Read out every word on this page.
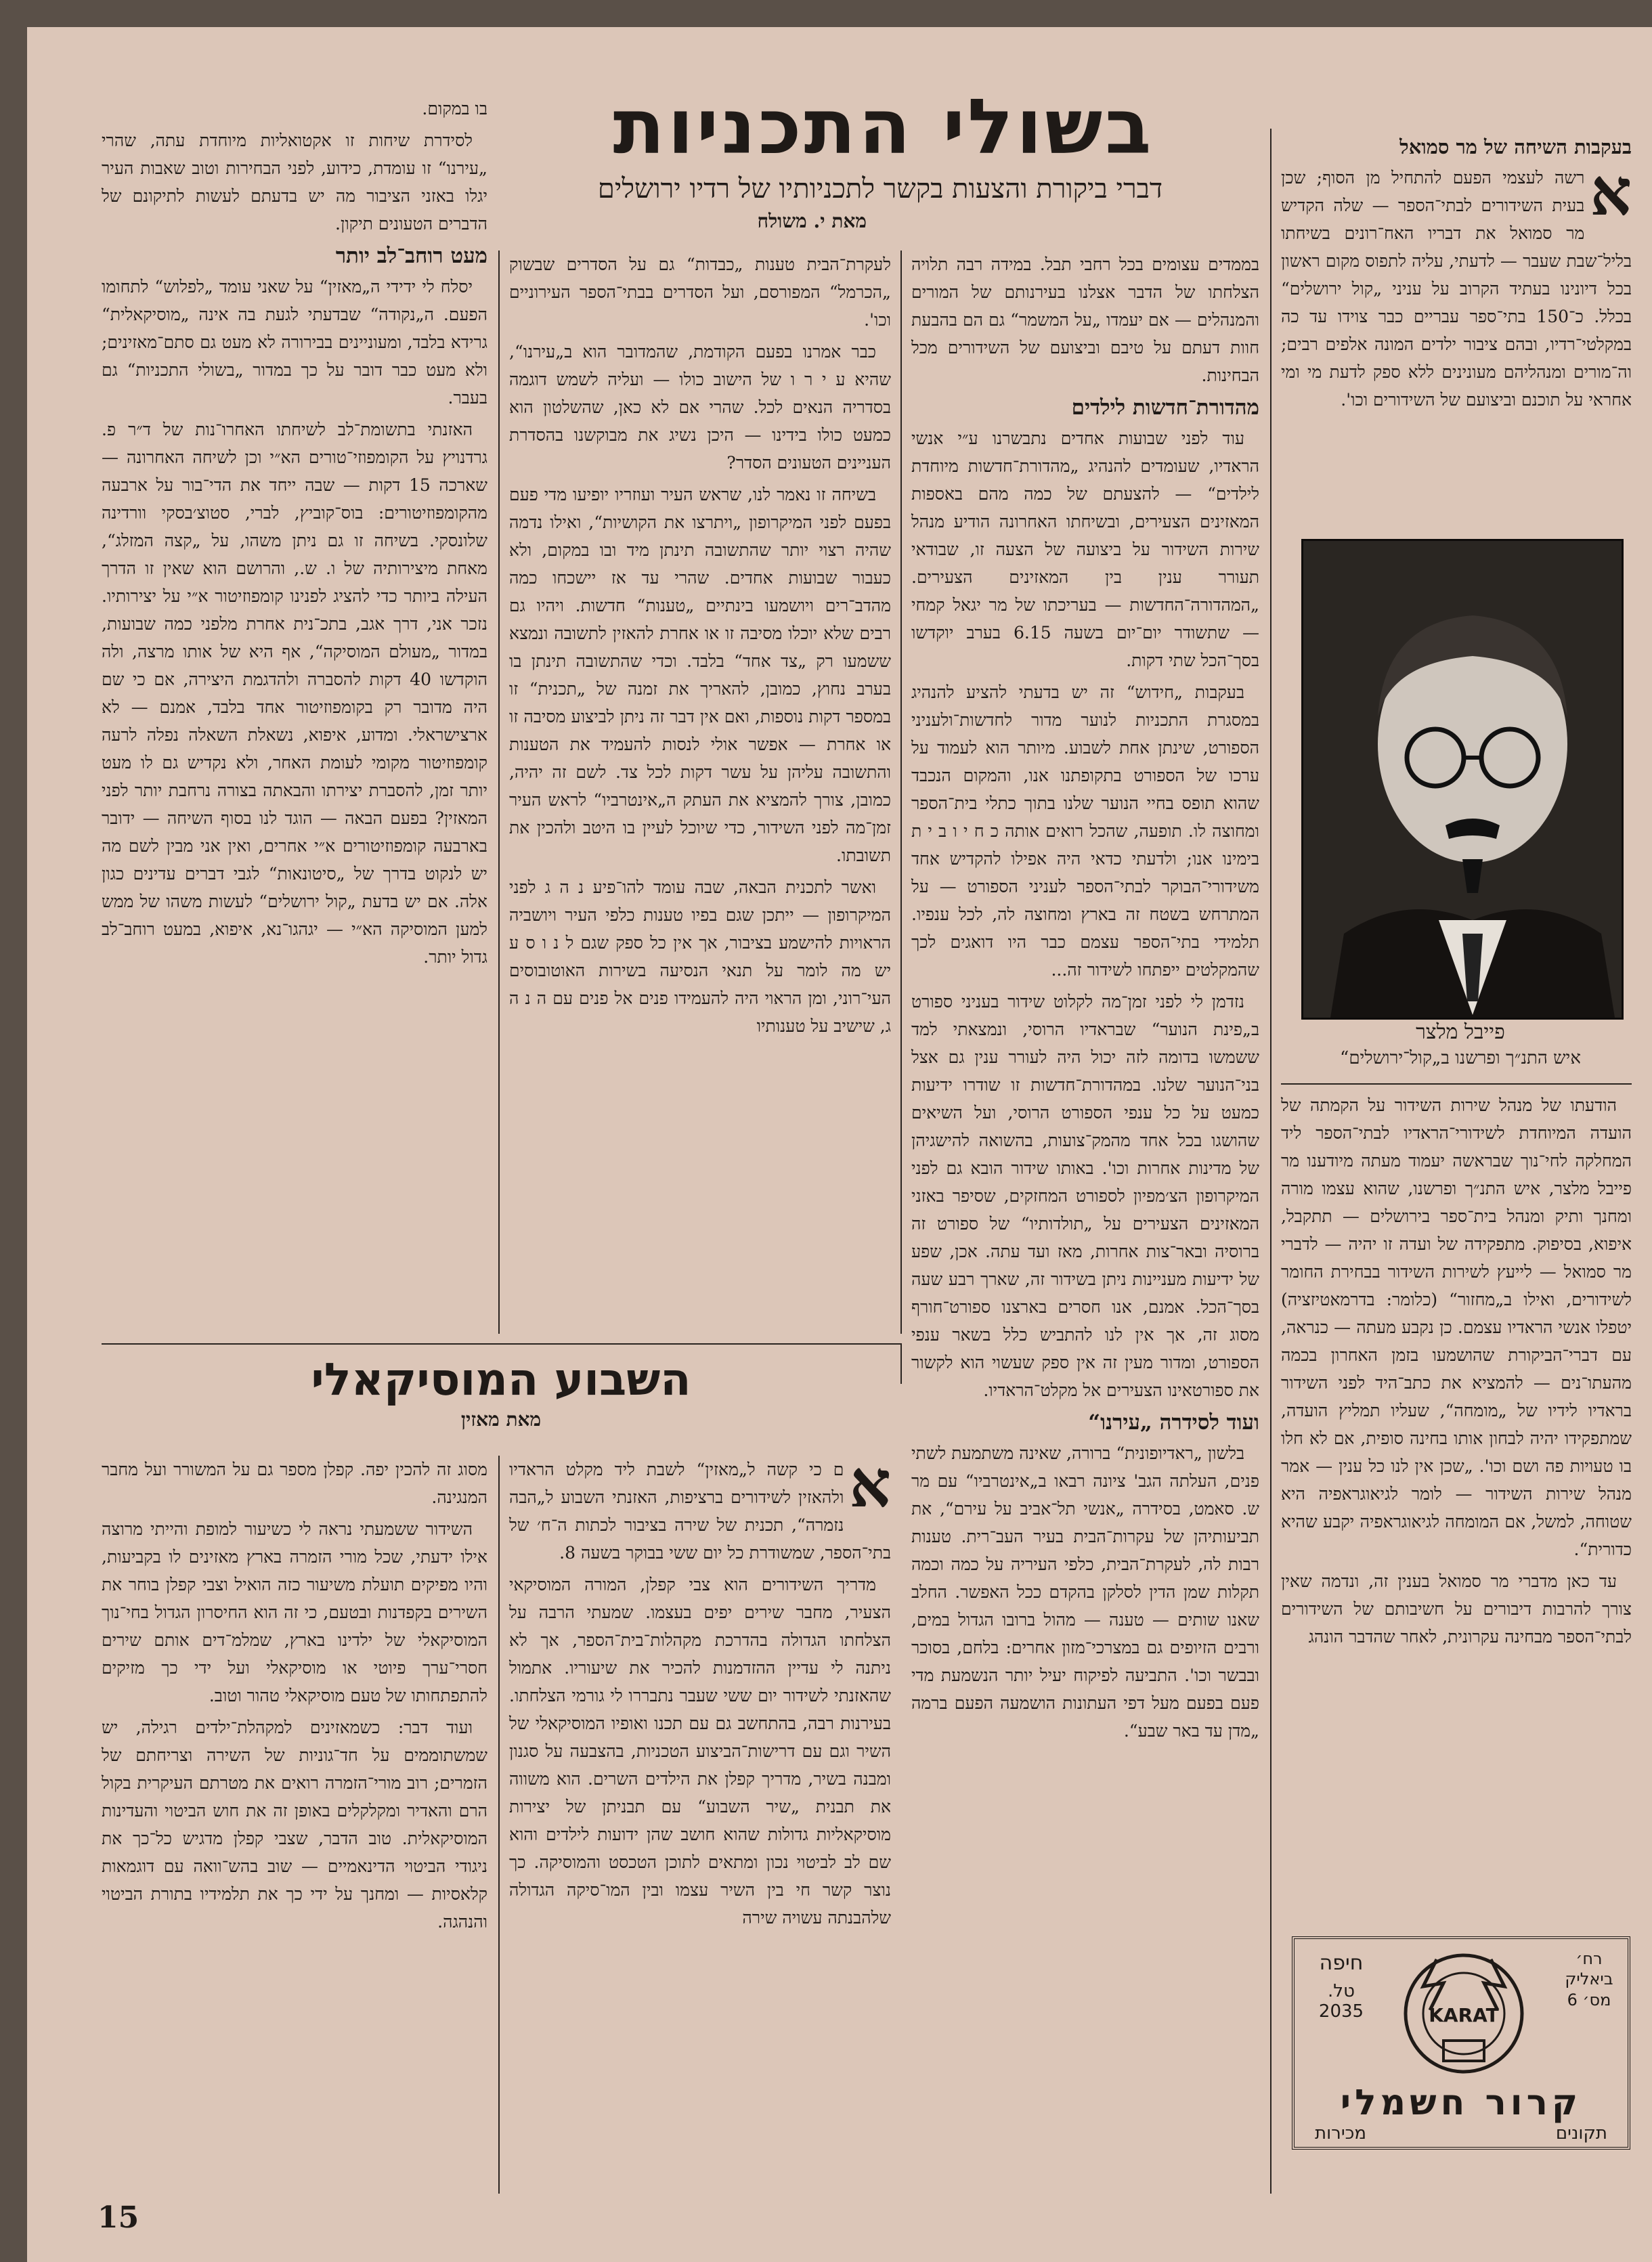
בשולי התכניות
דברי ביקורת והצעות בקשר לתכניותיו של רדיו ירושלים
מאת י. משולח
בעקבות השיחה של מר סמואל
א

רשה לעצמי הפעם להתחיל מן הסוף; שכן בעית השידורים לבתי־הספר — שלה הקדיש מר סמואל את דבריו האח־רונים בשיחתו בליל־שבת שעבר — לדעתי, עליה לתפוס מקום ראשון בכל דיונינו בעתיד הקרוב על עניני „קול ירושלים“ בכלל. כ־150 בתי־ספר עבריים כבר צוידו עד כה במקלטי־רדיו, ובהם ציבור ילדים המונה אלפים רבים; וה־מורים ומנהליהם מעונינים ללא ספק לדעת מי ומי אחראי על תוכנם וביצועם של השידורים וכו'.

פייבל מלצר
איש התנ״ך ופרשנו ב„קול־ירושלים“

הודעתו של מנהל שירות השידור על הקמתה של הועדה המיוחדת לשידורי־הראדיו לבתי־הספר ליד המחלקה לחי־נוך שבראשה יעמוד מעתה מיודענו מר פייבל מלצר, איש התנ״ך ופרשנו, שהוא עצמו מורה ומחנך ותיק ומנהל בית־ספר בירושלים — תתקבל, איפוא, בסיפוק. מתפקידה של ועדה זו יהיה — לדברי מר סמואל — לייעץ לשירות השידור בבחירת החומר לשידורים, ואילו ב„מחזור“ (כלומר: בדרמאטיזציה) יטפלו אנשי הראדיו עצמם. כן נקבע מעתה — כנראה, עם דברי־הביקורת שהושמעו בזמן האחרון בכמה מהעתו־נים — להמציא את כתב־היד לפני השידור בראדיו לידיו של „מומחה“, שעליו תמליץ הועדה, שמתפקידו יהיה לבחון אותו בחינה סופית, אם לא חלו בו טעויות פה ושם וכו'. „שכן אין לנו כל ענין — אמר מנהל שירות השידור — לומר לגיאוגראפיה היא שטוחה, למשל, אם המומחה לגיאוגראפיה יקבע שהיא כדורית“.

עד כאן מדברי מר סמואל בענין זה, ונדמה שאין צורך להרבות דיבורים על חשיבותם של השידורים לבתי־הספר מבחינה עקרונית, לאחר שהדבר הונהג

רח׳ ביאליק
מס׳ 6
חיפה
טל. 2035	KARAT
קרור חשמלי
תקונים
מכירות

בממדים עצומים בכל רחבי תבל. במידה רבה תלויה הצלחתו של הדבר אצלנו בעירנותם של המורים והמנהלים — אם יעמדו „על המשמר“ גם הם בהבעת חוות דעתם על טיבם וביצועם של השידורים מכל הבחינות.

מהדורת־חדשות לילדים

עוד לפני שבועות אחדים נתבשרנו ע״י אנשי הראדיו, שעומדים להנהיג „מהדורת־חדשות מיוחדת לילדים“ — להצעתם של כמה מהם באספות המאזינים הצעירים, ובשיחתו האחרונה הודיע מנהל שירות השידור על ביצועה של הצעה זו, שבודאי תעורר ענין בין המאזינים הצעירים. „המהדורה־החדשות — בעריכתו של מר יגאל קמחי — שתשודר יום־יום בשעה 6.15 בערב יוקדשו בסך־הכל שתי דקות.

בעקבות „חידוש“ זה יש בדעתי להציע להנהיג במסגרת התכניות לנוער מדור לחדשות־ולעניני הספורט, שינתן אחת לשבוע. מיותר הוא לעמוד על ערכו של הספורט בתקופתנו אנו, והמקום הנכבד שהוא תופס בחיי הנוער שלנו בתוך כתלי בית־הספר ומחוצה לו. תופעה, שהכל רואים אותה כ ח י ו ב י ת בימינו אנו; ולדעתי כדאי היה אפילו להקדיש אחד משידורי־הבוקר לבתי־הספר לעניני הספורט — על המתרחש בשטח זה בארץ ומחוצה לה, לכל ענפיו. תלמידי בתי־הספר עצמם כבר היו דואגים לכך שהמקלטים ייפתחו לשידור זה...

נזדמן לי לפני זמן־מה לקלוט שידור בעניני ספורט ב„פינת הנוער“ שבראדיו הרוסי, ונמצאתי למד ששמשו בדומה לזה יכול היה לעורר ענין גם אצל בני־הנוער שלנו. במהדורת־חדשות זו שודרו ידיעות כמעט על כל ענפי הספורט הרוסי, ועל השיאים שהושגו בכל אחד מהמק־צועות, בהשואה להישגיהן של מדינות אחרות וכו'. באותו שידור הובא גם לפני המיקרופון הצ׳מפיון לספורט המחזקים, שסיפר באזני המאזינים הצעירים על „תולדותיו“ של ספורט זה ברוסיה ובאר־צות אחרות, מאז ועד עתה. אכן, שפע של ידיעות מעניינות ניתן בשידור זה, שארך רבע שעה בסך־הכל. אמנם, אנו חסרים בארצנו ספורט־חורף מסוג זה, אך אין לנו להתביש כלל בשאר ענפי הספורט, ומדור מעין זה אין ספק שעשוי הוא לקשור את ספורטאינו הצעירים אל מקלט־הראדיו.

ועוד לסידרה „עירנו“

בלשון „ראדיופונית“ ברורה, שאינה משתמעת לשתי פנים, העלתה הגב' ציונה רבאו ב„אינטרביו“ עם מר ש. סאמט, בסידרה „אנשי תל־אביב על עירם“, את תביעותיהן של עקרות־הבית בעיר העב־רית. טענות רבות לה, לעקרת־הבית, כלפי העיריה על כמה וכמה תקלות שמן הדין לסלקן בהקדם ככל האפשר. החלב שאנו שותים — טענה — מהול ברובו הגדול במים, ורבים הזיופים גם במצרכי־מזון אחרים: בלחם, בסוכר ובבשר וכו'. התביעה לפיקוח יעיל יותר הנשמעת מדי פעם בפעם מעל דפי העתונות הושמעה הפעם ברמה „מדן עד באר שבע“.

לעקרת־הבית טענות „כבדות“ גם על הסדרים שבשוק „הכרמל“ המפורסם, ועל הסדרים בבתי־הספר העירוניים וכו'.

כבר אמרנו בפעם הקודמת, שהמדובר הוא ב„עירנו“, שהיא ע י ר ו של הישוב כולו — ועליה לשמש דוגמה בסדריה הנאים לכל. שהרי אם לא כאן, שהשלטון הוא כמעט כולו בידינו — היכן נשיג את מבוקשנו בהסדרת העניינים הטעונים הסדר?

בשיחה זו נאמר לנו, שראש העיר ועוזריו יופיעו מדי פעם בפעם לפני המיקרופון „ויתרצו את הקושיות“, ואילו נדמה שהיה רצוי יותר שהתשובה תינתן מיד ובו במקום, ולא כעבור שבועות אחדים. שהרי עד אז יישכחו כמה מהדב־רים ויושמעו בינתיים „טענות“ חדשות. ויהיו גם רבים שלא יוכלו מסיבה זו או אחרת להאזין לתשובה ונמצא ששמעו רק „צד אחד“ בלבד. וכדי שהתשובה תינתן בו בערב נחוץ, כמובן, להאריך את זמנה של „תכנית“ זו במספר דקות נוספות, ואם אין דבר זה ניתן לביצוע מסיבה זו או אחרת — אפשר אולי לנסות להעמיד את הטענות והתשובה עליהן על עשר דקות לכל צד. לשם זה יהיה, כמובן, צורך להמציא את העתק ה„אינטרביו“ לראש העיר זמן־מה לפני השידור, כדי שיוכל לעיין בו היטב ולהכין את תשובתו.

ואשר לתכנית הבאה, שבה עומד להו־פיע נ ה ג לפני המיקרופון — ייתכן שגם בפיו טענות כלפי העיר ויושביה הראויות להישמע בציבור, אך אין כל ספק שגם ל נ ו ס ע יש מה לומר על תנאי הנסיעה בשירות האוטובוסים העי־רוני, ומן הראוי היה להעמידו פנים אל פנים עם ה נ ה ג, שישיב על טענותיו

בו במקום.

לסידרת שיחות זו אקטואליות מיוחדת עתה, שהרי „עירנו“ זו עומדת, כידוע, לפני הבחירות וטוב שאבות העיר יגלו באזני הציבור מה יש בדעתם לעשות לתיקונם של הדברים הטעונים תיקון.

מעט רוחב־לב יותר

יסלח לי ידידי ה„מאזין“ על שאני עומד „לפלוש“ לתחומו הפעם. ה„נקודה“ שבדעתי לגעת בה אינה „מוסיקאלית“ גרידא בלבד, ומעוניינים בבירורה לא מעט גם סתם־מאזינים; ולא מעט כבר דובר על כך במדור „בשולי התכניות“ גם בעבר.

האזנתי בתשומת־לב לשיחתו האחרו־נות של ד״ר פ. גרדנויץ על הקומפוזי־טורים הא״י וכן לשיחה האחרונה — שארכה 15 דקות — שבה ייחד את הדי־בור על ארבעה מהקומפוזיטורים: בוס־קוביץ, לברי, סטוצ׳בסקי וורדינה שלונסקי. בשיחה זו גם ניתן משהו, על „קצה המזלג“, מאחת מיצירותיה של ו. ש., והרושם הוא שאין זו הדרך העילה ביותר כדי להציג לפנינו קומפוזיטור א״י על יצירותיו. נזכר אני, דרך אגב, בתכ־נית אחרת מלפני כמה שבועות, במדור „מעולם המוסיקה“, אף היא של אותו מרצה, ולה הוקדשו 40 דקות להסברה ולהדגמת היצירה, אם כי שם היה מדובר רק בקומפוזיטור אחד בלבד, אמנם — לא ארצישראלי. ומדוע, איפוא, נשאלת השאלה נפלה לרעה קומפוזיטור מקומי לעומת האחר, ולא נקדיש גם לו מעט יותר זמן, להסברת יצירתו והבאתה בצורה נרחבת יותר לפני המאזין? בפעם הבאה — הוגד לנו בסוף השיחה — ידובר בארבעה קומפוזיטורים א״י אחרים, ואין אני מבין לשם מה יש לנקוט בדרך של „סיטונאות“ לגבי דברים עדינים כגון אלה. אם יש בדעת „קול ירושלים“ לעשות משהו של ממש למען המוסיקה הא״י — יגהגו־נא, איפוא, במעט רוחב־לב גדול יותר.

השבוע המוסיקאלי
מאת מאזין
א

ם כי קשה ל„מאזין“ לשבת ליד מקלט הראדיו ולהאזין לשידורים ברציפות, האזנתי השבוע ל„הבה נזמרה“, תכנית של שירה בציבור לכתות ה־ח׳ של בתי־הספר, שמשודרת כל יום ששי בבוקר בשעה 8.

מדריך השידורים הוא צבי קפלן, המורה המוסיקאי הצעיר, מחבר שירים יפים בעצמו. שמעתי הרבה על הצלחתו הגדולה בהדרכת מקהלות־בית־הספר, אך לא ניתנה לי עדיין ההזדמנות להכיר את שיעוריו. אתמול שהאזנתי לשידור יום ששי שעבר נתבררו לי גורמי הצלחתו. בעירנות רבה, בהתחשב גם עם תכנו ואופיו המוסיקאלי של השיר וגם עם דרישות־הביצוע הטכניות, בהצבעה על סגנון ומבנה בשיר, מדריך קפלן את הילדים השרים. הוא משווה את תבנית „שיר השבוע“ עם תבניתן של יצירות מוסיקאליות גדולות שהוא חושב שהן ידועות לילדים והוא שם לב לביטוי נכון ומתאים לתוכן הטכסט והמוסיקה. כך נוצר קשר חי בין השיר עצמו ובין המו־סיקה הגדולה שלהבנתה עשויה שירה

מסוג זה להכין יפה. קפלן מספר גם על המשורר ועל מחבר המנגינה.

השידור ששמעתי נראה לי כשיעור למופת והייתי מרוצה אילו ידעתי, שכל מורי הזמרה בארץ מאזינים לו בקביעות, והיו מפיקים תועלת משיעור כזה הואיל וצבי קפלן בוחר את השירים בקפדנות ובטעם, כי זה הוא החיסרון הגדול בחי־נוך המוסיקאלי של ילדינו בארץ, שמלמ־דים אותם שירים חסרי־ערך פיוטי או מוסיקאלי ועל ידי כך מזיקים להתפתחותו של טעם מוסיקאלי טהור וטוב.

ועוד דבר: כשמאזינים למקהלת־ילדים רגילה, יש שמשתוממים על חד־גוניות של השירה וצריחתם של הזמרים; רוב מורי־הזמרה רואים את מטרתם העיקרית בקול הרם והאדיר ומקלקלים באופן זה את חוש הביטוי והעדינות המוסיקאלית. טוב הדבר, שצבי קפלן מדגיש כל־כך את ניגודי הביטוי הדינאמיים — שוב בהש־וואה עם דוגמאות קלאסיות — ומחנך על ידי כך את תלמידיו בתורת הביטוי והנהגה.

15
